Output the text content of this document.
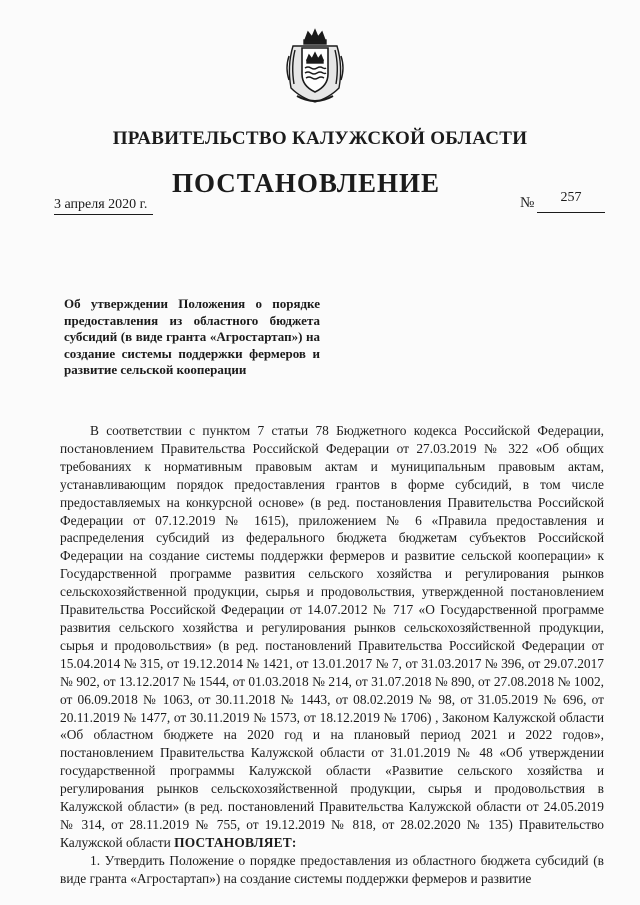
ПРАВИТЕЛЬСТВО КАЛУЖСКОЙ ОБЛАСТИ
ПОСТАНОВЛЕНИЕ
3 апреля 2020 г.	№	257
Об утверждении Положения о порядке предоставления из областного бюджета субсидий (в виде гранта «Агростартап») на создание системы поддержки фермеров и развитие сельской кооперации

В соответствии с пунктом 7 статьи 78 Бюджетного кодекса Российской Федерации, постановлением Правительства Российской Федерации от 27.03.2019 № 322 «Об общих требованиях к нормативным правовым актам и муниципальным правовым актам, устанавливающим порядок предоставления грантов в форме субсидий, в том числе предоставляемых на конкурсной основе» (в ред. постановления Правительства Российской Федерации от 07.12.2019 № 1615), приложением № 6 «Правила предоставления и распределения субсидий из федерального бюджета бюджетам субъектов Российской Федерации на создание системы поддержки фермеров и развитие сельской кооперации» к Государственной программе развития сельского хозяйства и регулирования рынков сельскохозяйственной продукции, сырья и продовольствия, утвержденной постановлением Правительства Российской Федерации от 14.07.2012 № 717 «О Государственной программе развития сельского хозяйства и регулирования рынков сельскохозяйственной продукции, сырья и продовольствия» (в ред. постановлений Правительства Российской Федерации от 15.04.2014 № 315, от 19.12.2014 № 1421, от 13.01.2017 № 7, от 31.03.2017 № 396, от 29.07.2017 № 902, от 13.12.2017 № 1544, от 01.03.2018 № 214, от 31.07.2018 № 890, от 27.08.2018 № 1002, от 06.09.2018 № 1063, от 30.11.2018 № 1443, от 08.02.2019 № 98, от 31.05.2019 № 696, от 20.11.2019 № 1477, от 30.11.2019 № 1573, от 18.12.2019 № 1706) , Законом Калужской области «Об областном бюджете на 2020 год и на плановый период 2021 и 2022 годов», постановлением Правительства Калужской области от 31.01.2019 № 48 «Об утверждении государственной программы Калужской области «Развитие сельского хозяйства и регулирования рынков сельскохозяйственной продукции, сырья и продовольствия в Калужской области» (в ред. постановлений Правительства Калужской области от 24.05.2019 № 314, от 28.11.2019 № 755, от 19.12.2019 № 818, от 28.02.2020 № 135) Правительство Калужской области ПОСТАНОВЛЯЕТ:

1. Утвердить Положение о порядке предоставления из областного бюджета субсидий (в виде гранта «Агростартап») на создание системы поддержки фермеров и развитие
